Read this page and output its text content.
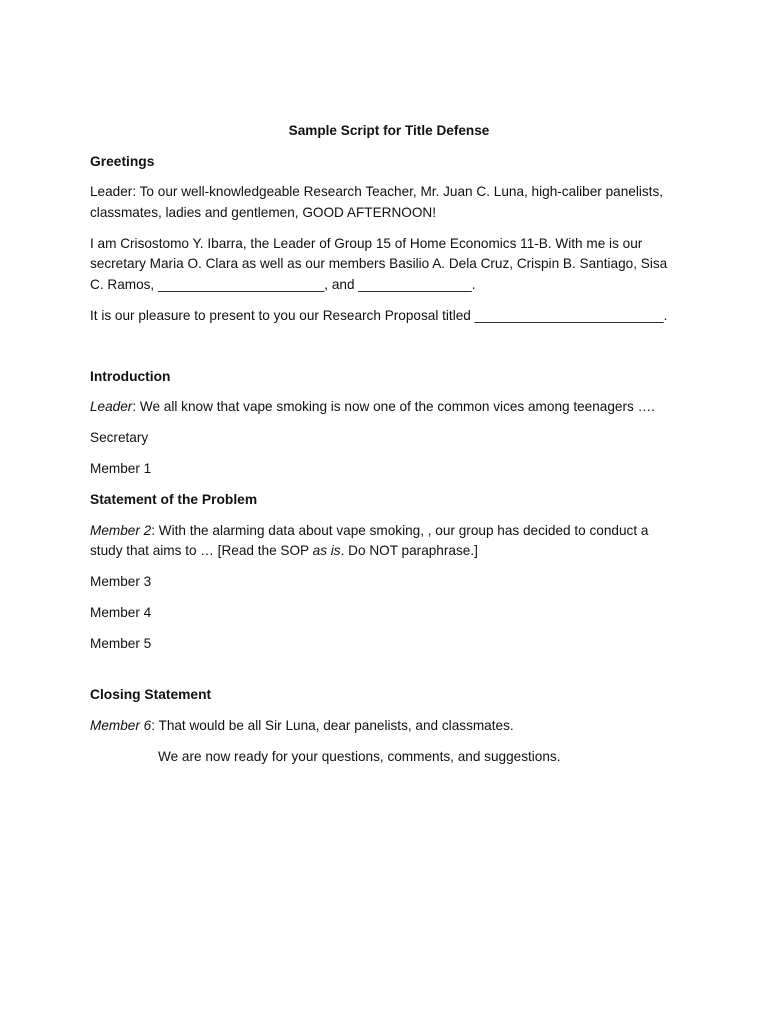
Sample Script for Title Defense
Greetings

Leader: To our well-knowledgeable Research Teacher, Mr. Juan C. Luna, high-caliber panelists, classmates, ladies and gentlemen, GOOD AFTERNOON!

I am Crisostomo Y. Ibarra, the Leader of Group 15 of Home Economics 11-B. With me is our secretary Maria O. Clara as well as our members Basilio A. Dela Cruz, Crispin B. Santiago, Sisa C. Ramos, ______________________, and _______________.

It is our pleasure to present to you our Research Proposal titled _________________________.

Introduction

Leader: We all know that vape smoking is now one of the common vices among teenagers ….

Secretary

Member 1

Statement of the Problem

Member 2: With the alarming data about vape smoking, , our group has decided to conduct a study that aims to … [Read the SOP as is. Do NOT paraphrase.]

Member 3

Member 4

Member 5

Closing Statement

Member 6: That would be all Sir Luna, dear panelists, and classmates.

We are now ready for your questions, comments, and suggestions.
